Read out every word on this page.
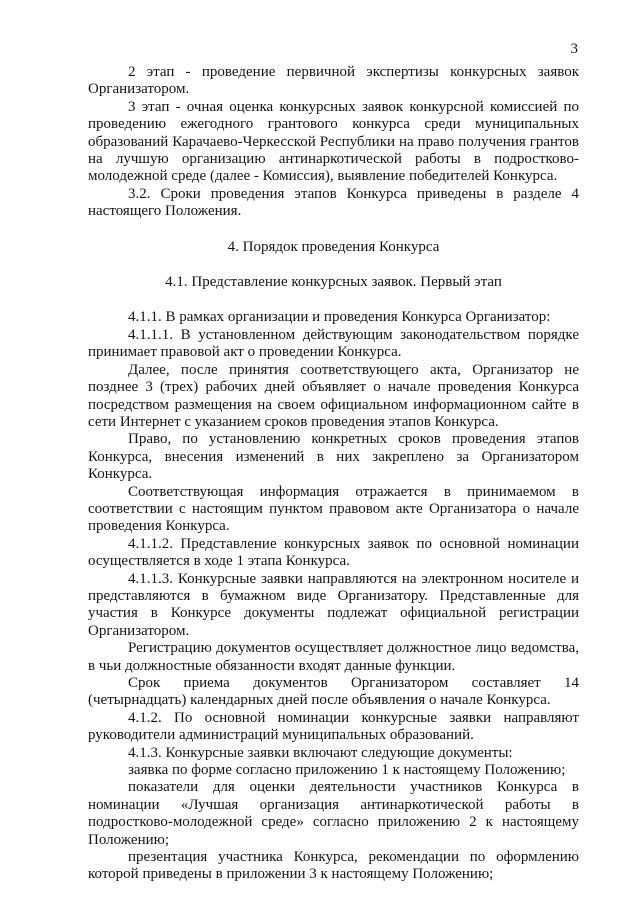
3

2 этап - проведение первичной экспертизы конкурсных заявок Организатором.

3 этап - очная оценка конкурсных заявок конкурсной комиссией по проведению ежегодного грантового конкурса среди муниципальных образований Карачаево-Черкесской Республики на право получения грантов на лучшую организацию антинаркотической работы в подростково-молодежной среде (далее - Комиссия), выявление победителей Конкурса.

3.2. Сроки проведения этапов Конкурса приведены в разделе 4 настоящего Положения.

4. Порядок проведения Конкурса

4.1. Представление конкурсных заявок. Первый этап

4.1.1. В рамках организации и проведения Конкурса Организатор:

4.1.1.1. В установленном действующим законодательством порядке принимает правовой акт о проведении Конкурса.

Далее, после принятия соответствующего акта, Организатор не позднее 3 (трех) рабочих дней объявляет о начале проведения Конкурса посредством размещения на своем официальном информационном сайте в сети Интернет с указанием сроков проведения этапов Конкурса.

Право, по установлению конкретных сроков проведения этапов Конкурса, внесения изменений в них закреплено за Организатором Конкурса.

Соответствующая информация отражается в принимаемом в соответствии с настоящим пунктом правовом акте Организатора о начале проведения Конкурса.

4.1.1.2. Представление конкурсных заявок по основной номинации осуществляется в ходе 1 этапа Конкурса.

4.1.1.3. Конкурсные заявки направляются на электронном носителе и представляются в бумажном виде Организатору. Представленные для участия в Конкурсе документы подлежат официальной регистрации Организатором.

Регистрацию документов осуществляет должностное лицо ведомства, в чьи должностные обязанности входят данные функции.

Срок приема документов Организатором составляет 14 (четырнадцать) календарных дней после объявления о начале Конкурса.

4.1.2. По основной номинации конкурсные заявки направляют руководители администраций муниципальных образований.

4.1.3. Конкурсные заявки включают следующие документы:

заявка по форме согласно приложению 1 к настоящему Положению;

показатели для оценки деятельности участников Конкурса в номинации «Лучшая организация антинаркотической работы в подростково-молодежной среде» согласно приложению 2 к настоящему Положению;

презентация участника Конкурса, рекомендации по оформлению которой приведены в приложении 3 к настоящему Положению;
